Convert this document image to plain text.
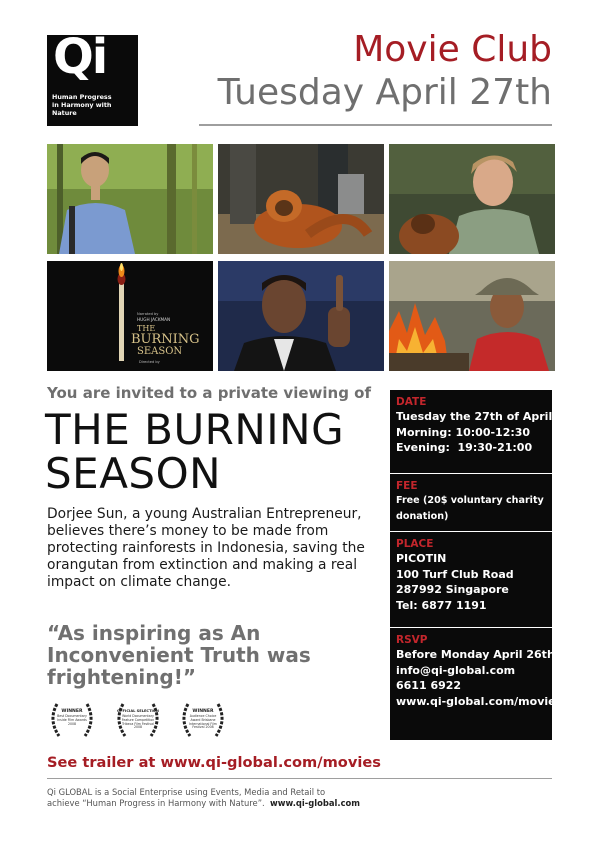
Qi
Human Progress
in Harmony with Nature
Movie Club
Tuesday April 27th
Narrated by
HUGH JACKMAN
THE
BURNING
SEASON
Directed by
You are invited to a private viewing of
THE BURNING
SEASON
Dorjee Sun, a young Australian Entrepreneur, believes there’s money to be made from protecting rainforests in Indonesia, saving the orangutan from extinction and making a real impact on climate change.
“As inspiring as An Inconvenient Truth was frightening!”
WINNER
Best Documentary Inside Film Awards 2008
OFFICIAL SELECTION
World Documentary Feature Competition Tribeca Film Festival 2008
WINNER
Audience Choice Award Brisbane International Film Festival 2008
See trailer at www.qi-global.com/movies
Qi GLOBAL is a Social Enterprise using Events, Media and Retail to
achieve “Human Progress in Harmony with Nature”. www.qi-global.com
DATE
Tuesday the 27th of April
Morning: 10:00-12:30
Evening:  19:30-21:00
FEE
Free (20$ voluntary charity
donation)
PLACE
PICOTIN
100 Turf Club Road
287992 Singapore
Tel: 6877 1191
RSVP
Before Monday April 26th
info@qi-global.com
6611 6922
www.qi-global.com/movies/
